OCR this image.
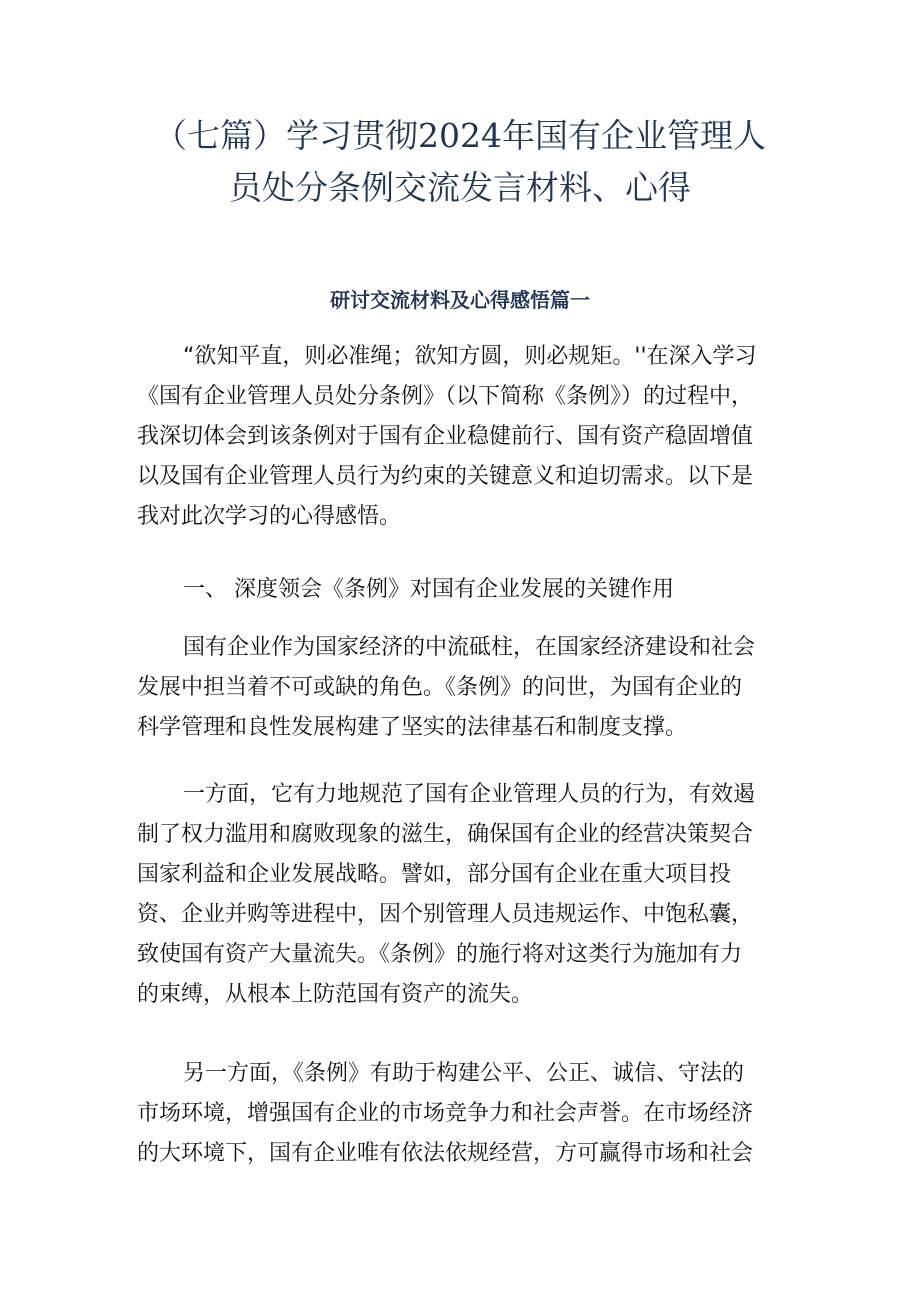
（七篇）学习贯彻2024年国有企业管理人
员处分条例交流发言材料、心得
研讨交流材料及心得感悟篇一
“欲知平直，则必准绳；欲知方圆，则必规矩。''在深入学习
《国有企业管理人员处分条例》（以下简称《条例》）的过程中，
我深切体会到该条例对于国有企业稳健前行、国有资产稳固增值
以及国有企业管理人员行为约束的关键意义和迫切需求。以下是
我对此次学习的心得感悟。
一、 深度领会《条例》对国有企业发展的关键作用
国有企业作为国家经济的中流砥柱，在国家经济建设和社会
发展中担当着不可或缺的角色。《条例》的问世，为国有企业的
科学管理和良性发展构建了坚实的法律基石和制度支撑。
一方面，它有力地规范了国有企业管理人员的行为，有效遏
制了权力滥用和腐败现象的滋生，确保国有企业的经营决策契合
国家利益和企业发展战略。譬如，部分国有企业在重大项目投
资、企业并购等进程中，因个别管理人员违规运作、中饱私囊，
致使国有资产大量流失。《条例》的施行将对这类行为施加有力
的束缚，从根本上防范国有资产的流失。
另一方面，《条例》有助于构建公平、公正、诚信、守法的
市场环境，增强国有企业的市场竞争力和社会声誉。在市场经济
的大环境下，国有企业唯有依法依规经营，方可赢得市场和社会
